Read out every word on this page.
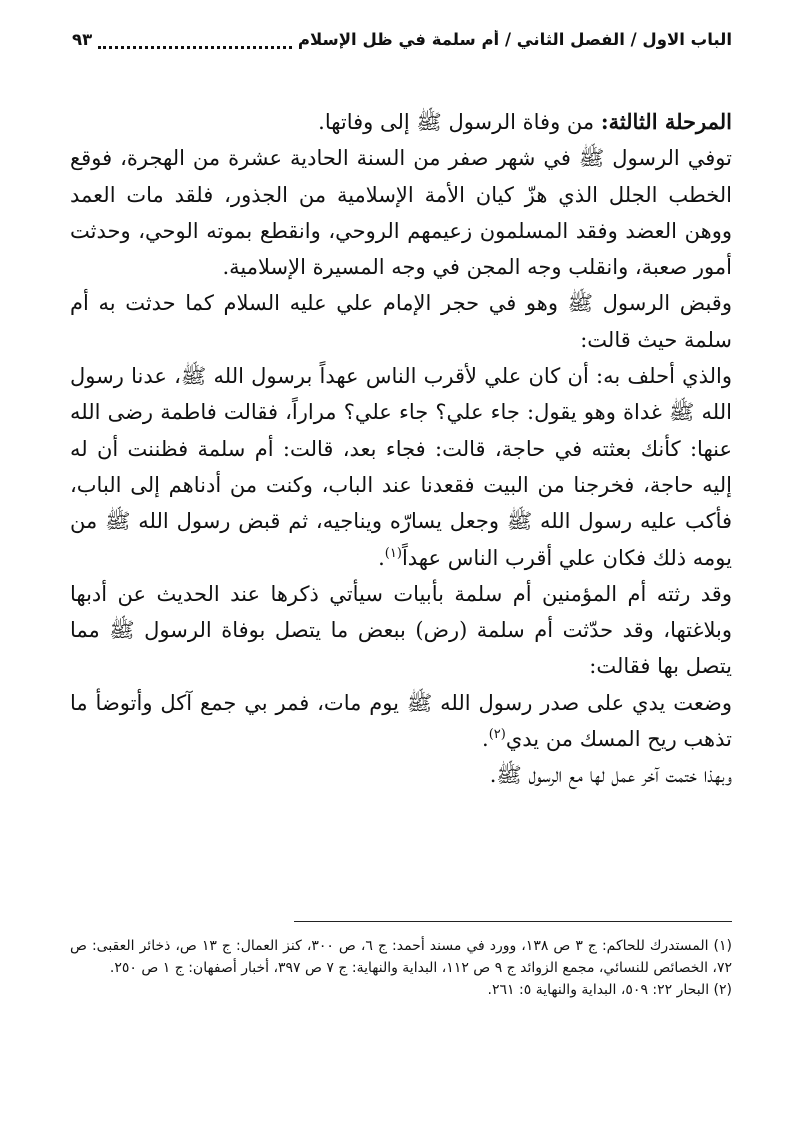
الباب الاول / الفصل الثاني / أم سلمة في ظل الإسلام
٩٣

المرحلة الثالثة: من وفاة الرسول ﷺ إلى وفاتها.

توفي الرسول ﷺ في شهر صفر من السنة الحادية عشرة من الهجرة، فوقع الخطب الجلل الذي هزّ كيان الأمة الإسلامية من الجذور، فلقد مات العمد ووهن العضد وفقد المسلمون زعيمهم الروحي، وانقطع بموته الوحي، وحدثت أمور صعبة، وانقلب وجه المجن في وجه المسيرة الإسلامية.

وقبض الرسول ﷺ وهو في حجر الإمام علي عليه السلام كما حدثت به أم سلمة حيث قالت:

والذي أحلف به: أن كان علي لأقرب الناس عهداً برسول الله ﷺ، عدنا رسول الله ﷺ غداة وهو يقول: جاء علي؟ جاء علي؟ مراراً، فقالت فاطمة رضى الله عنها: كأنك بعثته في حاجة، قالت: فجاء بعد، قالت: أم سلمة فظننت أن له إليه حاجة، فخرجنا من البيت فقعدنا عند الباب، وكنت من أدناهم إلى الباب، فأكب عليه رسول الله ﷺ وجعل يسارّه ويناجيه، ثم قبض رسول الله ﷺ من يومه ذلك فكان علي أقرب الناس عهداً$^{(١)}$.

وقد رثته أم المؤمنين أم سلمة بأبيات سيأتي ذكرها عند الحديث عن أدبها وبلاغتها، وقد حدّثت أم سلمة (رض) ببعض ما يتصل بوفاة الرسول ﷺ مما يتصل بها فقالت:

وضعت يدي على صدر رسول الله ﷺ يوم مات، فمر بي جمع آكل وأتوضأ ما تذهب ريح المسك من يدي$^{(٢)}$.

وبهذا ختمت آخر عمل لها مع الرسول ﷺ.

(١) المستدرك للحاكم: ج ٣ ص ١٣٨، وورد في مسند أحمد: ج ٦، ص ٣٠٠، كنز العمال: ج ١٣ ص، ذخائر العقبى: ص ٧٢، الخصائص للنسائي، مجمع الزوائد ج ٩ ص ١١٢، البداية والنهاية: ج ٧ ص ٣٩٧، أخبار أصفهان: ج ١ ص ٢٥٠.

(٢) البحار ٢٢: ٥٠٩، البداية والنهاية ٥: ٢٦١.
